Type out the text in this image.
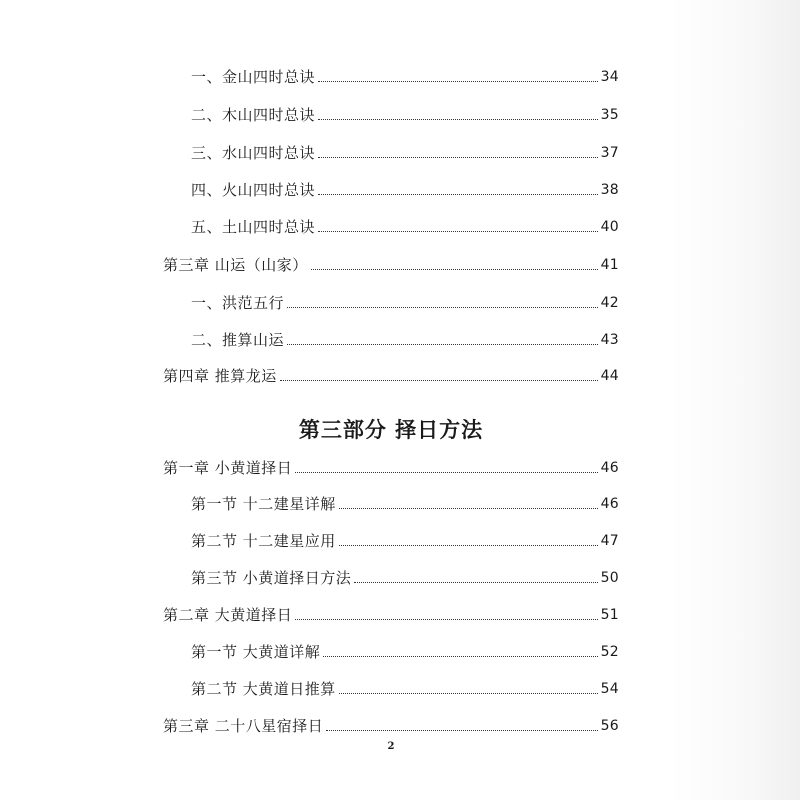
一、金山四时总诀	34
二、木山四时总诀	35
三、水山四时总诀	37
四、火山四时总诀	38
五、土山四时总诀	40
第三章 山运（山家）	41
一、洪范五行	42
二、推算山运	43
第四章 推算龙运	44
第三部分 择日方法
第一章 小黄道择日	46
第一节 十二建星详解	46
第二节 十二建星应用	47
第三节 小黄道择日方法	50
第二章 大黄道择日	51
第一节 大黄道详解	52
第二节 大黄道日推算	54
第三章 二十八星宿择日	56
2
